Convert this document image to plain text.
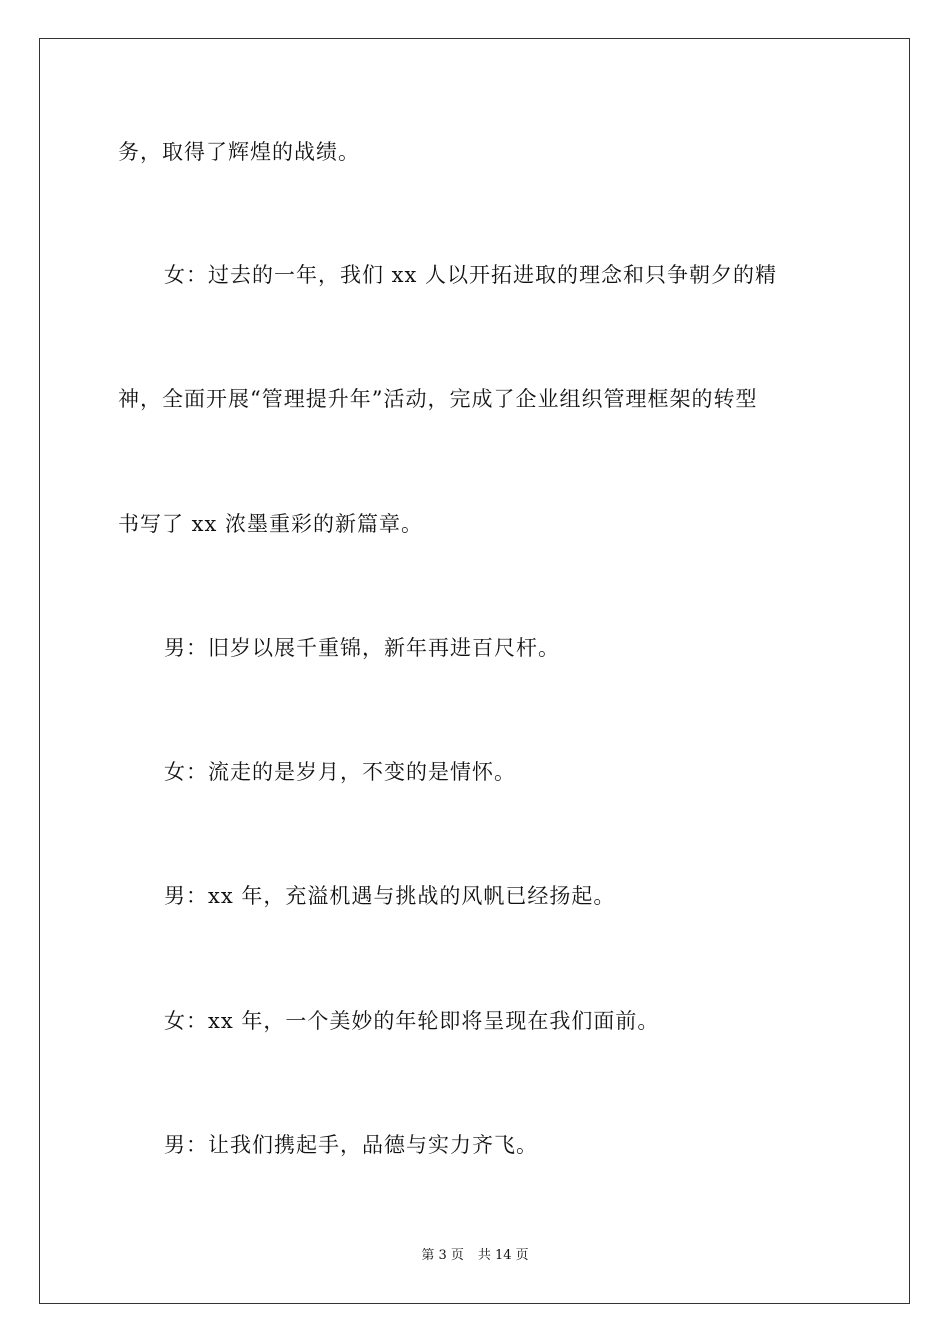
务，取得了辉煌的战绩。
女：过去的一年，我们 xx 人以开拓进取的理念和只争朝夕的精
神，全面开展“管理提升年”活动，完成了企业组织管理框架的转型
书写了 xx 浓墨重彩的新篇章。
男：旧岁以展千重锦，新年再进百尺杆。
女：流走的是岁月，不变的是情怀。
男：xx 年，充溢机遇与挑战的风帆已经扬起。
女：xx 年，一个美妙的年轮即将呈现在我们面前。
男：让我们携起手，品德与实力齐飞。
第 3 页 共 14 页
